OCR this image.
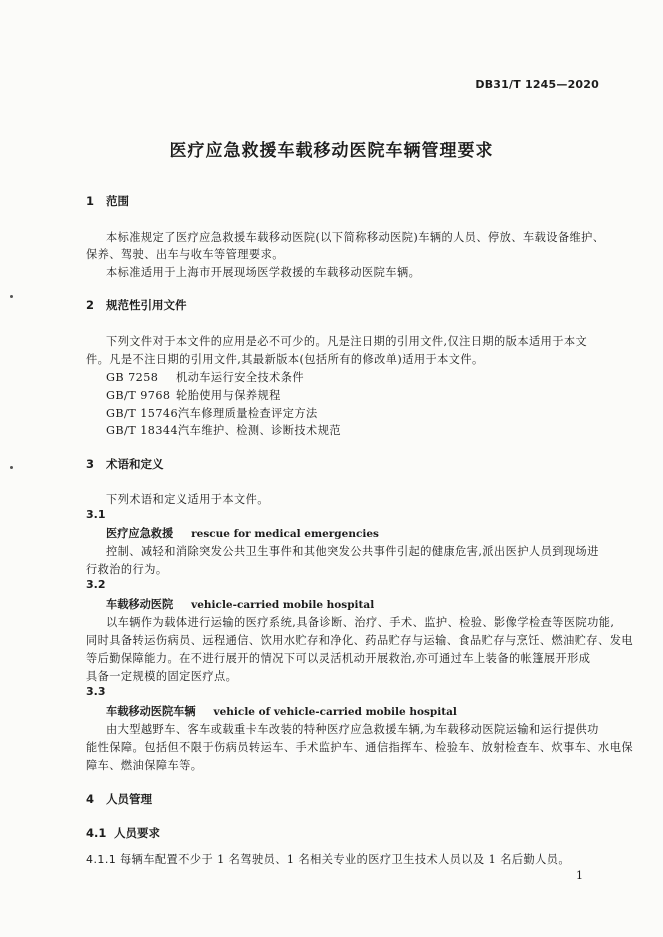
DB31/T 1245—2020
医疗应急救援车载移动医院车辆管理要求
1 范围
本标准规定了医疗应急救援车载移动医院(以下简称移动医院)车辆的人员、停放、车载设备维护、
保养、驾驶、出车与收车等管理要求。
本标准适用于上海市开展现场医学救援的车载移动医院车辆。
2 规范性引用文件
下列文件对于本文件的应用是必不可少的。凡是注日期的引用文件,仅注日期的版本适用于本文
件。凡是不注日期的引用文件,其最新版本(包括所有的修改单)适用于本文件。
GB 7258 机动车运行安全技术条件
GB/T 9768 轮胎使用与保养规程
GB/T 15746汽车修理质量检查评定方法
GB/T 18344汽车维护、检测、诊断技术规范
3 术语和定义
下列术语和定义适用于本文件。
3.1
医疗应急救援 rescue for medical emergencies
控制、减轻和消除突发公共卫生事件和其他突发公共事件引起的健康危害,派出医护人员到现场进
行救治的行为。
3.2
车载移动医院 vehicle-carried mobile hospital
以车辆作为载体进行运输的医疗系统,具备诊断、治疗、手术、监护、检验、影像学检查等医院功能,
同时具备转运伤病员、远程通信、饮用水贮存和净化、药品贮存与运输、食品贮存与烹饪、燃油贮存、发电
等后勤保障能力。在不进行展开的情况下可以灵活机动开展救治,亦可通过车上装备的帐篷展开形成
具备一定规模的固定医疗点。
3.3
车载移动医院车辆 vehicle of vehicle-carried mobile hospital
由大型越野车、客车或载重卡车改装的特种医疗应急救援车辆,为车载移动医院运输和运行提供功
能性保障。包括但不限于伤病员转运车、手术监护车、通信指挥车、检验车、放射检查车、炊事车、水电保
障车、燃油保障车等。
4 人员管理
4.1 人员要求
4.1.1 每辆车配置不少于 1 名驾驶员、1 名相关专业的医疗卫生技术人员以及 1 名后勤人员。
1
